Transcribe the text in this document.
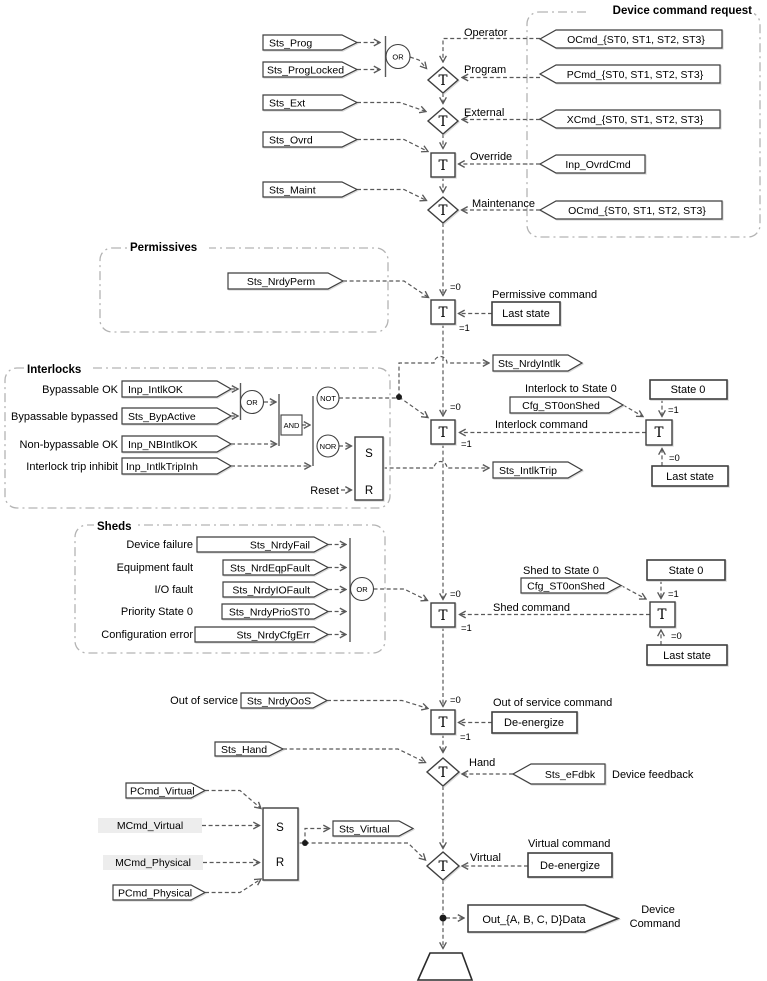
Device command request
Permissives
Interlocks
Sheds
Sts_Prog
Sts_ProgLocked
Sts_Ext
Sts_Ovrd
Sts_Maint
Operator
OCmd_{ST0, ST1, ST2, ST3}
Program	PCmd_{ST0, ST1, ST2, ST3}
External
XCmd_{ST0, ST1, ST2, ST3}
Override
Inp_OvrdCmd
Maintenance
OCmd_{ST0, ST1, ST2, ST3}
OR
T
T
T
T
Sts_NrdyPerm	=0
Permissive command
T	Last state
=1
Bypassable OK
Bypassable bypassed
Non-bypassable OK
Interlock trip inhibit
Inp_IntlkOK
Sts_BypActive
Inp_NBIntlkOK
Inp_IntlkTripInh
OR
AND
NOT
NOR
S
R
Reset
Sts_NrdyIntlk
Sts_IntlkTrip
=0
T
=1
Interlock command
Interlock to State 0
Cfg_ST0onShed
State 0
=1
T
=0
Last state
Device failure
Equipment fault
I/O fault
Priority State 0
Configuration error
Sts_NrdyFail
Sts_NrdEqpFault
Sts_NrdyIOFault
Sts_NrdyPrioST0
Sts_NrdyCfgErr
OR	=0
T
=1
Shed command
Shed to State 0
Cfg_ST0onShed
State 0
=1
T
=0
Last state
Out of service Sts_NrdyOoS	=0	Out of service command
T	De-energize
=1
Sts_Hand
T
Hand
Sts_eFdbk Device feedback
PCmd_Virtual
MCmd_Virtual
MCmd_Physical
PCmd_Physical
S
R
Sts_Virtual
T
Virtual
Virtual command
De-energize
Out_{A, B, C, D}Data
Device
Command
